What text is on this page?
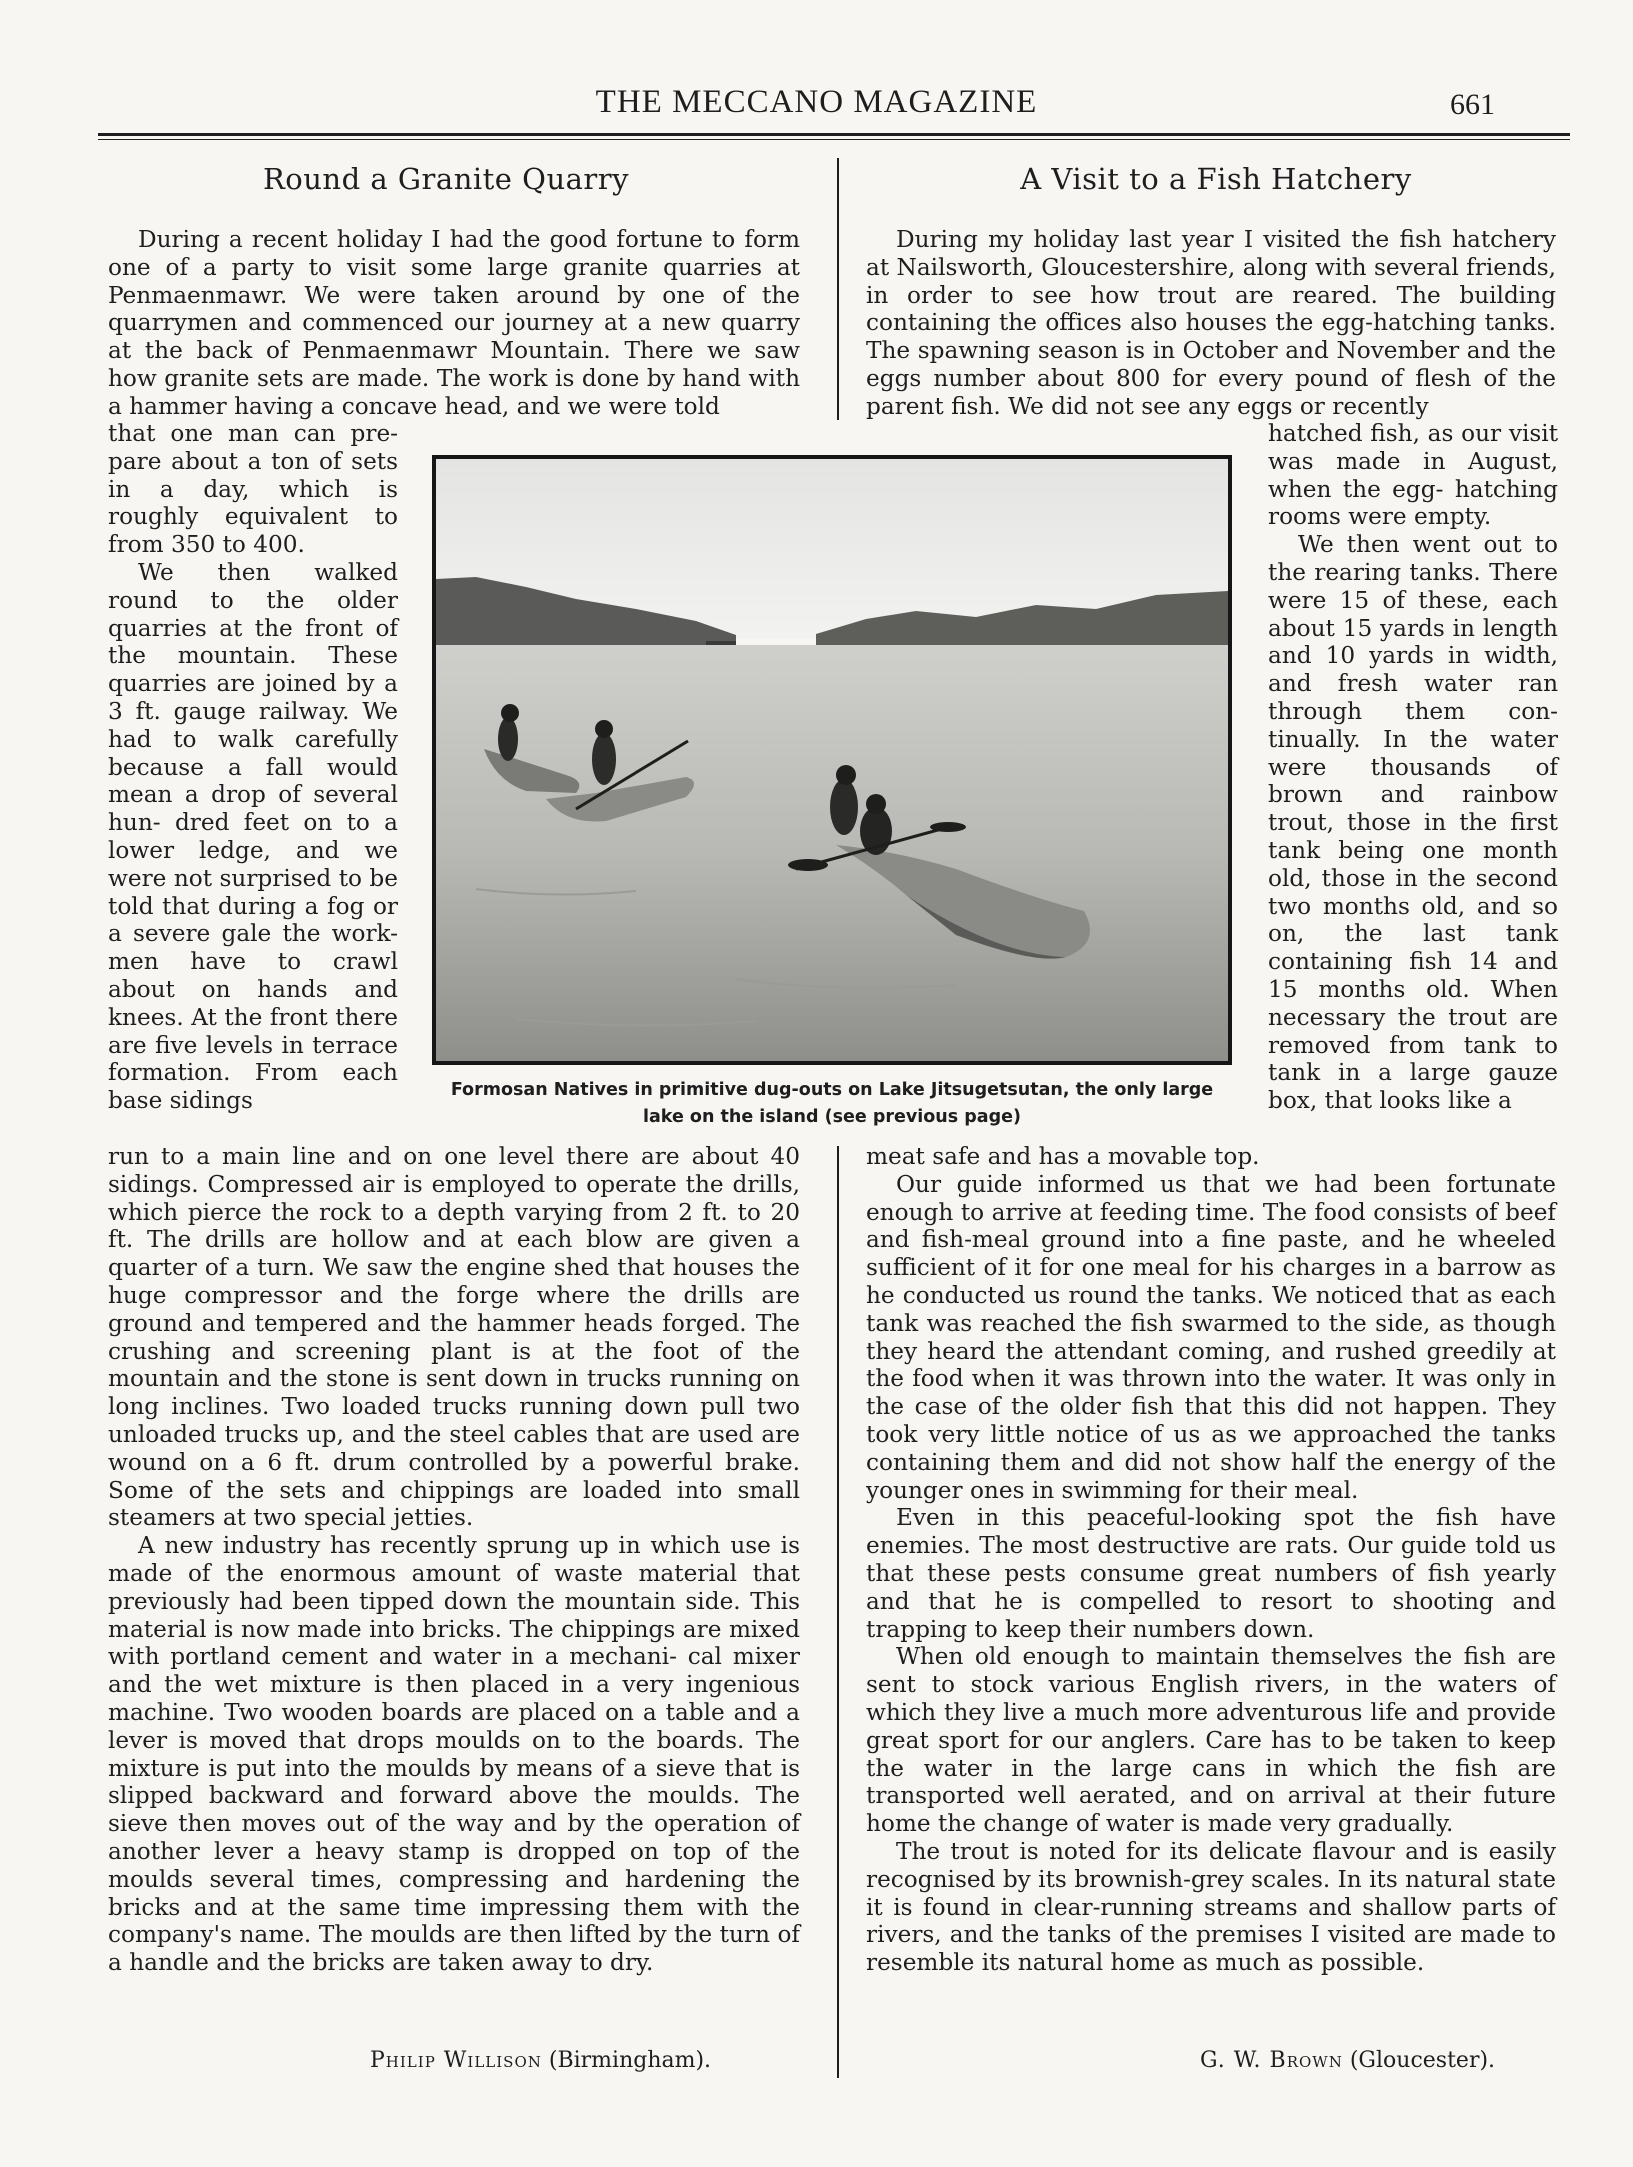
THE MECCANO MAGAZINE	661
Round a Granite Quarry	A Visit to a Fish Hatchery

During a recent holiday I had the good fortune to form one of a party to visit some large granite quarries at Penmaenmawr. We were taken around by one of the quarrymen and commenced our journey at a new quarry at the back of Penmaenmawr Mountain. There we saw how granite sets are made. The work is done by hand with a hammer having a concave head, and we were told

that one man can pre- pare about a ton of sets in a day, which is roughly equivalent to from 350 to 400.

We then walked round to the older quarries at the front of the mountain. These quarries are joined by a 3 ft. gauge railway. We had to walk carefully because a fall would mean a drop of several hun- dred feet on to a lower ledge, and we were not surprised to be told that during a fog or a severe gale the work- men have to crawl about on hands and knees. At the front there are five levels in terrace formation. From each base sidings

run to a main line and on one level there are about 40 sidings. Compressed air is employed to operate the drills, which pierce the rock to a depth varying from 2 ft. to 20 ft. The drills are hollow and at each blow are given a quarter of a turn. We saw the engine shed that houses the huge compressor and the forge where the drills are ground and tempered and the hammer heads forged. The crushing and screening plant is at the foot of the mountain and the stone is sent down in trucks running on long inclines. Two loaded trucks running down pull two unloaded trucks up, and the steel cables that are used are wound on a 6 ft. drum controlled by a powerful brake. Some of the sets and chippings are loaded into small steamers at two special jetties.

A new industry has recently sprung up in which use is made of the enormous amount of waste material that previously had been tipped down the mountain side. This material is now made into bricks. The chippings are mixed with portland cement and water in a mechani- cal mixer and the wet mixture is then placed in a very ingenious machine. Two wooden boards are placed on a table and a lever is moved that drops moulds on to the boards. The mixture is put into the moulds by means of a sieve that is slipped backward and forward above the moulds. The sieve then moves out of the way and by the operation of another lever a heavy stamp is dropped on top of the moulds several times, compressing and hardening the bricks and at the same time impressing them with the company's name. The moulds are then lifted by the turn of a handle and the bricks are taken away to dry.

Philip Willison (Birmingham).

During my holiday last year I visited the fish hatchery at Nailsworth, Gloucestershire, along with several friends, in order to see how trout are reared. The building containing the offices also houses the egg-hatching tanks. The spawning season is in October and November and the eggs number about 800 for every pound of flesh of the parent fish. We did not see any eggs or recently

hatched fish, as our visit was made in August, when the egg- hatching rooms were empty.

We then went out to the rearing tanks. There were 15 of these, each about 15 yards in length and 10 yards in width, and fresh water ran through them con- tinually. In the water were thousands of brown and rainbow trout, those in the first tank being one month old, those in the second two months old, and so on, the last tank containing fish 14 and 15 months old. When necessary the trout are removed from tank to tank in a large gauze box, that looks like a

meat safe and has a movable top.

Our guide informed us that we had been fortunate enough to arrive at feeding time. The food consists of beef and fish-meal ground into a fine paste, and he wheeled sufficient of it for one meal for his charges in a barrow as he conducted us round the tanks. We noticed that as each tank was reached the fish swarmed to the side, as though they heard the attendant coming, and rushed greedily at the food when it was thrown into the water. It was only in the case of the older fish that this did not happen. They took very little notice of us as we approached the tanks containing them and did not show half the energy of the younger ones in swimming for their meal.

Even in this peaceful-looking spot the fish have enemies. The most destructive are rats. Our guide told us that these pests consume great numbers of fish yearly and that he is compelled to resort to shooting and trapping to keep their numbers down.

When old enough to maintain themselves the fish are sent to stock various English rivers, in the waters of which they live a much more adventurous life and provide great sport for our anglers. Care has to be taken to keep the water in the large cans in which the fish are transported well aerated, and on arrival at their future home the change of water is made very gradually.

The trout is noted for its delicate flavour and is easily recognised by its brownish-grey scales. In its natural state it is found in clear-running streams and shallow parts of rivers, and the tanks of the premises I visited are made to resemble its natural home as much as possible.

G. W. Brown (Gloucester).
Formosan Natives in primitive dug-outs on Lake Jitsugetsutan, the only large
lake on the island (see previous page)
